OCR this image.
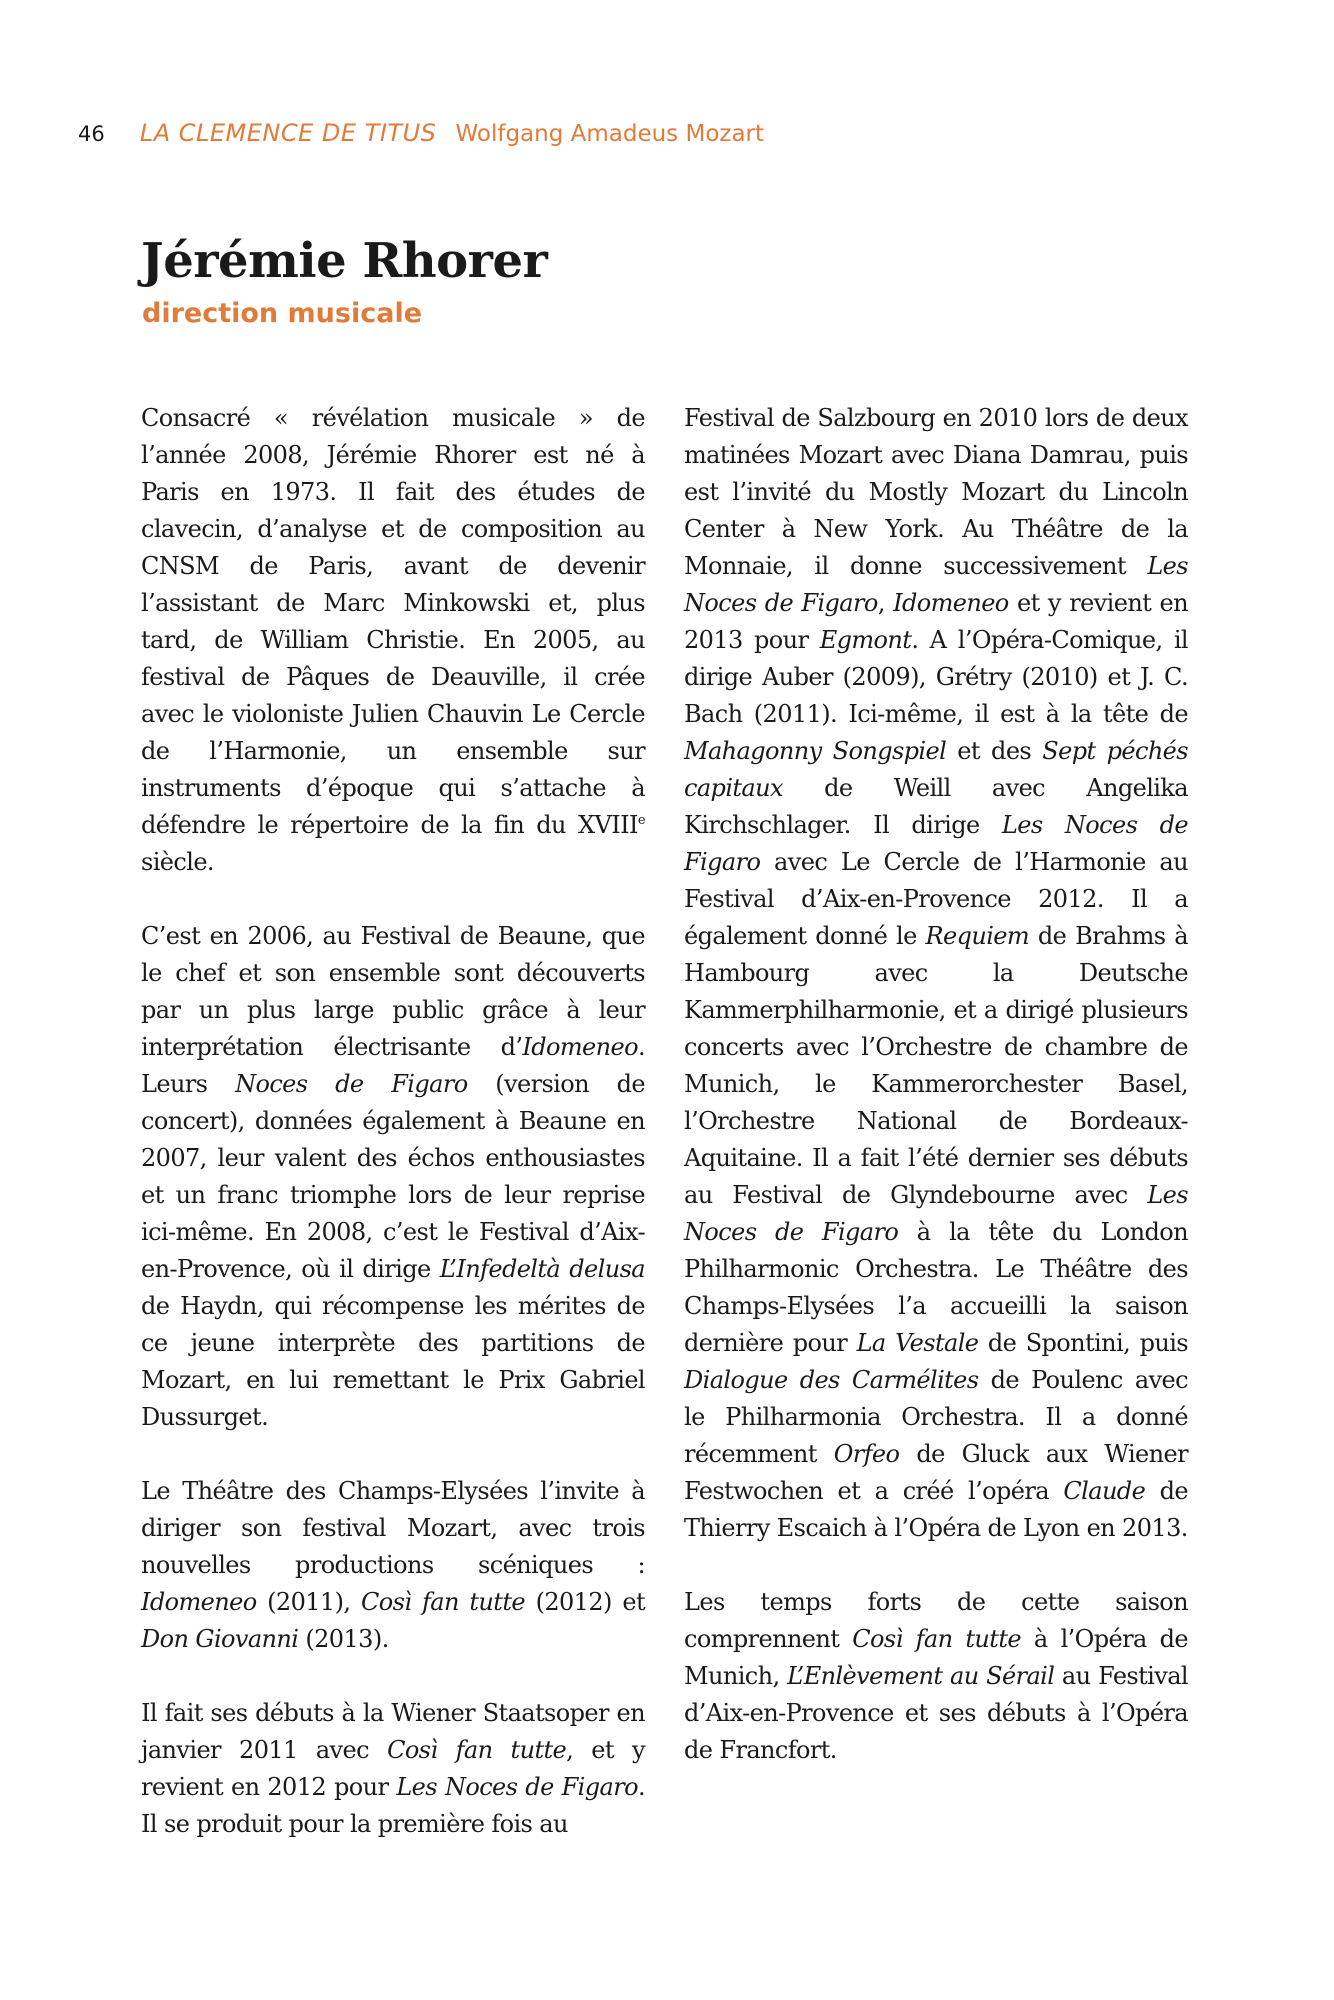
46 LA CLEMENCE DE TITUS Wolfgang Amadeus Mozart
Jérémie Rhorer
direction musicale

Consacré « révélation musicale » de l’année 2008, Jérémie Rhorer est né à Paris en 1973. Il fait des études de clavecin, d’analyse et de composition au CNSM de Paris, avant de devenir l’assistant de Marc Minkowski et, plus tard, de William Christie. En 2005, au festival de Pâques de Deauville, il crée avec le violoniste Julien Chauvin Le Cercle de l’Harmonie, un ensemble sur instruments d’époque qui s’attache à défendre le répertoire de la fin du XVIIIe siècle.

C’est en 2006, au Festival de Beaune, que le chef et son ensemble sont découverts par un plus large public grâce à leur interprétation électrisante d’Idomeneo. Leurs Noces de Figaro (version de concert), données également à Beaune en 2007, leur valent des échos enthousiastes et un franc triomphe lors de leur reprise ici-même. En 2008, c’est le Festival d’Aix-en-Provence, où il dirige L’Infedeltà delusa de Haydn, qui récompense les mérites de ce jeune interprète des partitions de Mozart, en lui remettant le Prix Gabriel Dussurget.

Le Théâtre des Champs-Elysées l’invite à diriger son festival Mozart, avec trois nouvelles productions scéniques : Idomeneo (2011), Così fan tutte (2012) et Don Giovanni (2013).

Il fait ses débuts à la Wiener Staatsoper en janvier 2011 avec Così fan tutte, et y revient en 2012 pour Les Noces de Figaro. Il se produit pour la première fois au

Festival de Salzbourg en 2010 lors de deux matinées Mozart avec Diana Damrau, puis est l’invité du Mostly Mozart du Lincoln Center à New York. Au Théâtre de la Monnaie, il donne successivement Les Noces de Figaro, Idomeneo et y revient en 2013 pour Egmont. A l’Opéra-Comique, il dirige Auber (2009), Grétry (2010) et J. C. Bach (2011). Ici-même, il est à la tête de Mahagonny Songspiel et des Sept péchés capitaux de Weill avec Angelika Kirchschlager. Il dirige Les Noces de Figaro avec Le Cercle de l’Harmonie au Festival d’Aix-en-Provence 2012. Il a également donné le Requiem de Brahms à Hambourg avec la Deutsche Kammerphilharmonie, et a dirigé plusieurs concerts avec l’Orchestre de chambre de Munich, le Kammerorchester Basel, l’Orchestre National de Bordeaux-Aquitaine. Il a fait l’été dernier ses débuts au Festival de Glyndebourne avec Les Noces de Figaro à la tête du London Philharmonic Orchestra. Le Théâtre des Champs-Elysées l’a accueilli la saison dernière pour La Vestale de Spontini, puis Dialogue des Carmélites de Poulenc avec le Philharmonia Orchestra. Il a donné récemment Orfeo de Gluck aux Wiener Festwochen et a créé l’opéra Claude de Thierry Escaich à l’Opéra de Lyon en 2013.

Les temps forts de cette saison comprennent Così fan tutte à l’Opéra de Munich, L’Enlèvement au Sérail au Festival d’Aix-en-Provence et ses débuts à l’Opéra de Francfort.
